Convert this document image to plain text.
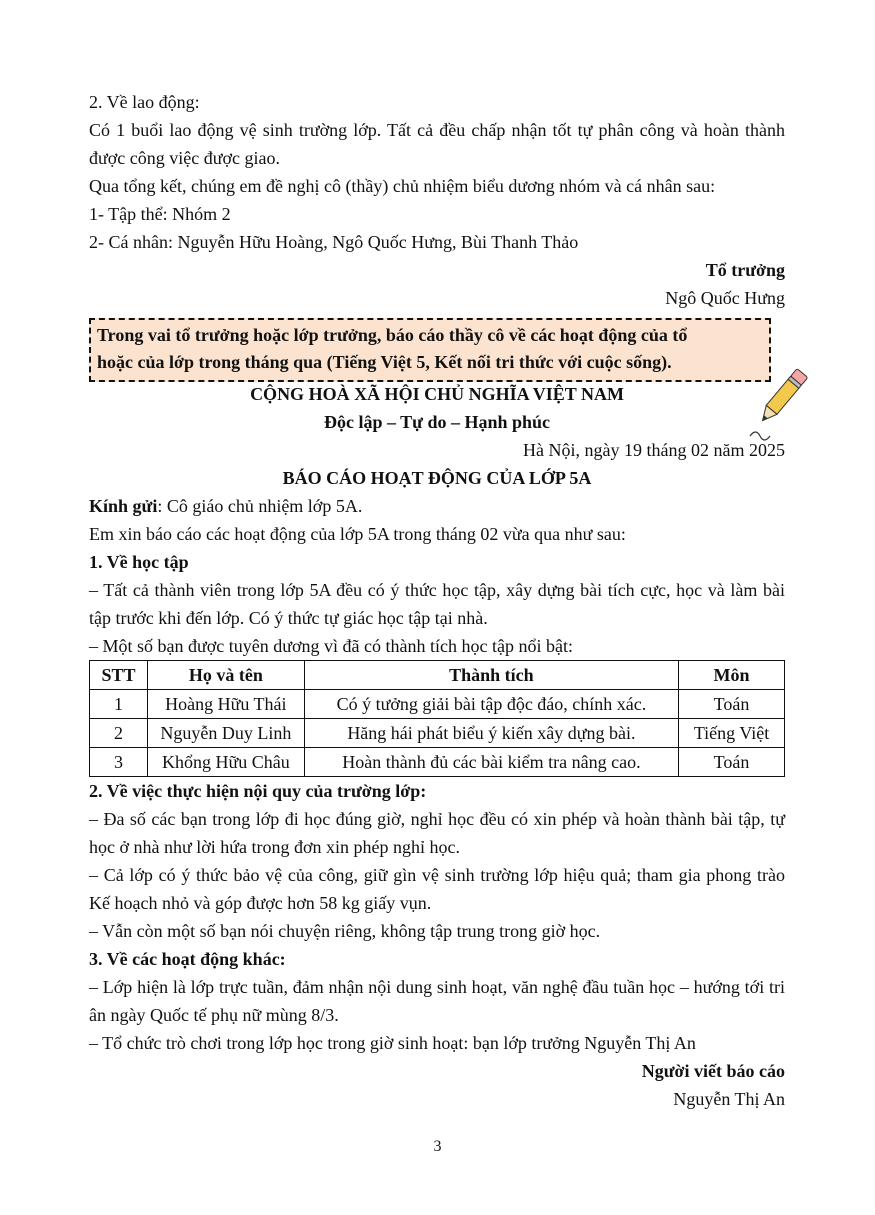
2. Về lao động:

Có 1 buổi lao động vệ sinh trường lớp. Tất cả đều chấp nhận tốt tự phân công và hoàn thành được công việc được giao.

Qua tổng kết, chúng em đề nghị cô (thầy) chủ nhiệm biểu dương nhóm và cá nhân sau:

1- Tập thể: Nhóm 2

2- Cá nhân: Nguyễn Hữu Hoàng, Ngô Quốc Hưng, Bùi Thanh Thảo

Tổ trưởng

Ngô Quốc Hưng

Trong vai tổ trưởng hoặc lớp trưởng, báo cáo thầy cô về các hoạt động của tổ

hoặc của lớp trong tháng qua (Tiếng Việt 5, Kết nối tri thức với cuộc sống).

CỘNG HOÀ XÃ HỘI CHỦ NGHĨA VIỆT NAM

Độc lập – Tự do – Hạnh phúc

Hà Nội, ngày 19 tháng 02 năm 2025

BÁO CÁO HOẠT ĐỘNG CỦA LỚP 5A

Kính gửi: Cô giáo chủ nhiệm lớp 5A.

Em xin báo cáo các hoạt động của lớp 5A trong tháng 02 vừa qua như sau:

1. Về học tập

– Tất cả thành viên trong lớp 5A đều có ý thức học tập, xây dựng bài tích cực, học và làm bài tập trước khi đến lớp. Có ý thức tự giác học tập tại nhà.

– Một số bạn được tuyên dương vì đã có thành tích học tập nổi bật:

STT	Họ và tên	Thành tích	Môn
1	Hoàng Hữu Thái	Có ý tưởng giải bài tập độc đáo, chính xác.	Toán
2	Nguyễn Duy Linh	Hăng hái phát biểu ý kiến xây dựng bài.	Tiếng Việt
3	Khổng Hữu Châu	Hoàn thành đủ các bài kiểm tra nâng cao.	Toán

2. Về việc thực hiện nội quy của trường lớp:

– Đa số các bạn trong lớp đi học đúng giờ, nghỉ học đều có xin phép và hoàn thành bài tập, tự học ở nhà như lời hứa trong đơn xin phép nghỉ học.

– Cả lớp có ý thức bảo vệ của công, giữ gìn vệ sinh trường lớp hiệu quả; tham gia phong trào Kế hoạch nhỏ và góp được hơn 58 kg giấy vụn.

– Vẫn còn một số bạn nói chuyện riêng, không tập trung trong giờ học.

3. Về các hoạt động khác:

– Lớp hiện là lớp trực tuần, đảm nhận nội dung sinh hoạt, văn nghệ đầu tuần học – hướng tới tri ân ngày Quốc tế phụ nữ mùng 8/3.

– Tổ chức trò chơi trong lớp học trong giờ sinh hoạt: bạn lớp trưởng Nguyễn Thị An

Người viết báo cáo

Nguyễn Thị An

3
